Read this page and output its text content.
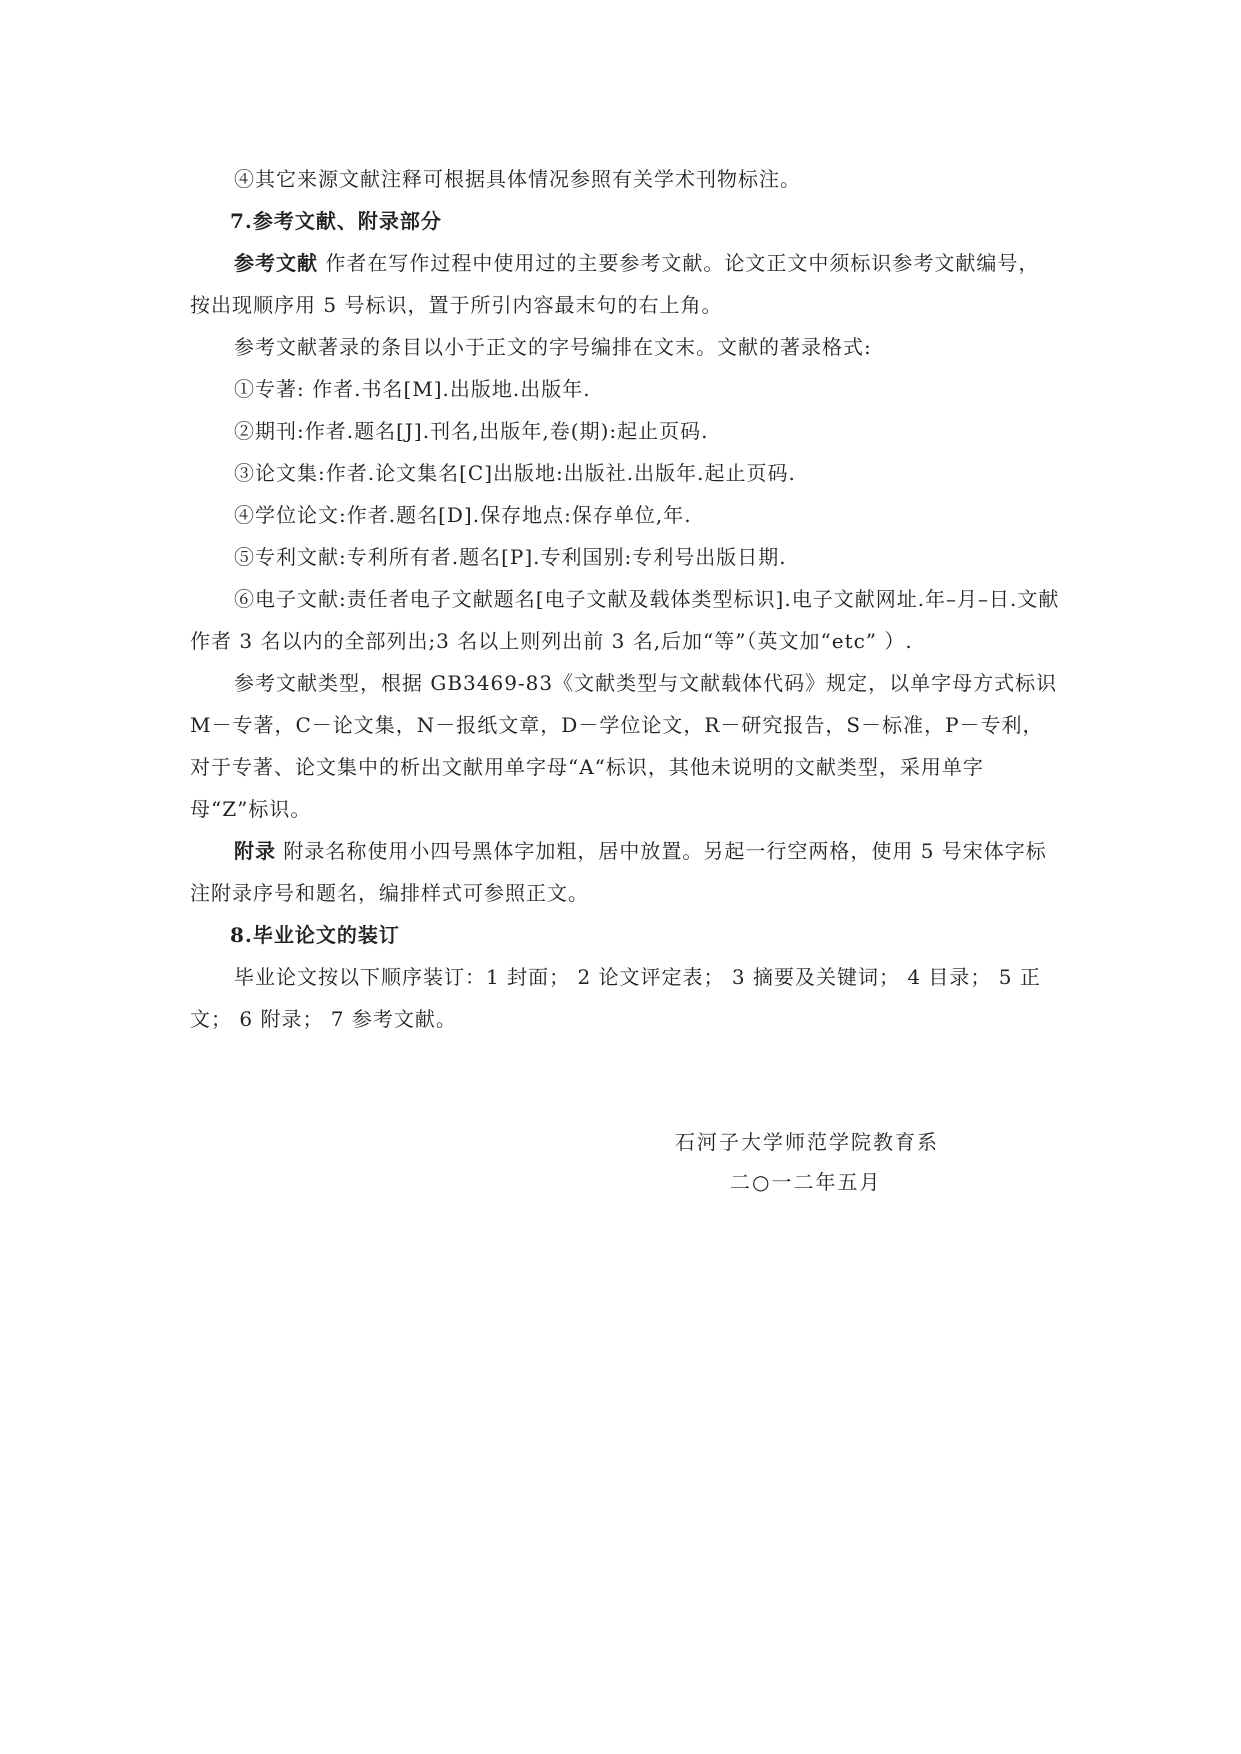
④其它来源文献注释可根据具体情况参照有关学术刊物标注。

7.参考文献、附录部分

参考文献 作者在写作过程中使用过的主要参考文献。论文正文中须标识参考文献编号，按出现顺序用 5 号标识，置于所引内容最末句的右上角。

参考文献著录的条目以小于正文的字号编排在文末。文献的著录格式:

①专著: 作者.书名[M].出版地.出版年.

②期刊:作者.题名[J].刊名,出版年,卷(期):起止页码.

③论文集:作者.论文集名[C]出版地:出版社.出版年.起止页码.

④学位论文:作者.题名[D].保存地点:保存单位,年.

⑤专利文献:专利所有者.题名[P].专利国别:专利号出版日期.

⑥电子文献:责任者电子文献题名[电子文献及载体类型标识].电子文献网址.年–月–日.文献作者 3 名以内的全部列出;3 名以上则列出前 3 名,后加“等”（英文加“etc” ）.

参考文献类型，根据 GB3469-83《文献类型与文献载体代码》规定，以单字母方式标识 M－专著，C－论文集，N－报纸文章，D－学位论文，R－研究报告，S－标准，P－专利，对于专著、论文集中的析出文献用单字母“A“标识，其他未说明的文献类型，采用单字母“Z”标识。

附录 附录名称使用小四号黑体字加粗，居中放置。另起一行空两格，使用 5 号宋体字标注附录序号和题名，编排样式可参照正文。

8.毕业论文的装订

毕业论文按以下顺序装订：1 封面； 2 论文评定表； 3 摘要及关键词； 4 目录； 5 正文； 6 附录； 7 参考文献。

石河子大学师范学院教育系
二○一二年五月
